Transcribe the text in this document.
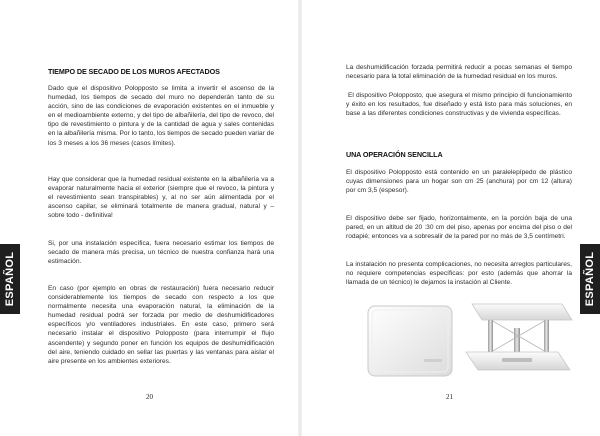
TIEMPO DE SECADO DE LOS MUROS AFECTADOS

Dado que el dispositivo Polopposto se limita a invertir el ascenso de la humedad, los tiempos de secado del muro no dependerán tanto de su acción, sino de las condiciones de evaporación existentes en el inmueble y en el medioambiente externo, y del tipo de albañilería, del tipo de revoco, del tipo de revestimiento o pintura y de la cantidad de agua y sales contenidas en la albañilería misma. Por lo tanto, los tiempos de secado pueden variar de los 3 meses a los 36 meses (casos límites).

Hay que considerar que la humedad residual existente en la albañilería va a evaporar naturalmente hacia el exterior (siempre que el revoco, la pintura y el revestimiento sean transpirables) y, al no ser aún alimentada por el ascenso capilar, se eliminará totalmente de manera gradual, natural y – sobre todo - definitiva!

Si, por una instalación específica, fuera necesario estimar los tiempos de secado de manera más precisa, un técnico de nuestra confianza hará una estimación.

En caso (por ejemplo en obras de restauración) fuera necesario reducir considerablemente los tiempos de secado con respecto a los que normalmente necesita una evaporación natural, la eliminación de la humedad residual podrá ser forzada por medio de deshumidificadores específicos y/o ventiladores industriales. En este caso, primero será necesario instalar el dispositivo Polopposto (para interrumpir el flujo ascendente) y segundo poner en función los equipos de deshumidificación del aire, teniendo cuidado en sellar las puertas y las ventanas para aislar el aire presente en los ambientes exteriores.

20
ESPAÑOL

La deshumidificación forzada permitirá reducir a pocas semanas el tiempo necesario para la total eliminación de la humedad residual en los muros.

El dispositivo Polopposto, que asegura el mismo principio di funcionamiento y éxito en los resultados, fue diseñado y está listo para más soluciones, en base a las diferentes condiciones constructivas y de vivienda específicas.

UNA OPERACIÓN SENCILLA

El dispositivo Polopposto está contenido en un paralelepípedo de plástico cuyas dimensiones para un hogar son cm 25 (anchura) por cm 12 (altura) por cm 3,5 (espesor).

El dispositivo debe ser fijado, horizontalmente, en la porción baja de una pared, en un altitud de 20 :30 cm del piso, apenas por encima del piso o del rodapié; entonces va a sobresalir de la pared por no más de 3,5 centímetri.

La instalación no presenta complicaciones, no necesita arreglos particulares, no requiere competencias específicas: por esto (además que ahorrar la llamada de un técnico) le dejamos la instación al Cliente.

21
ESPAÑOL
